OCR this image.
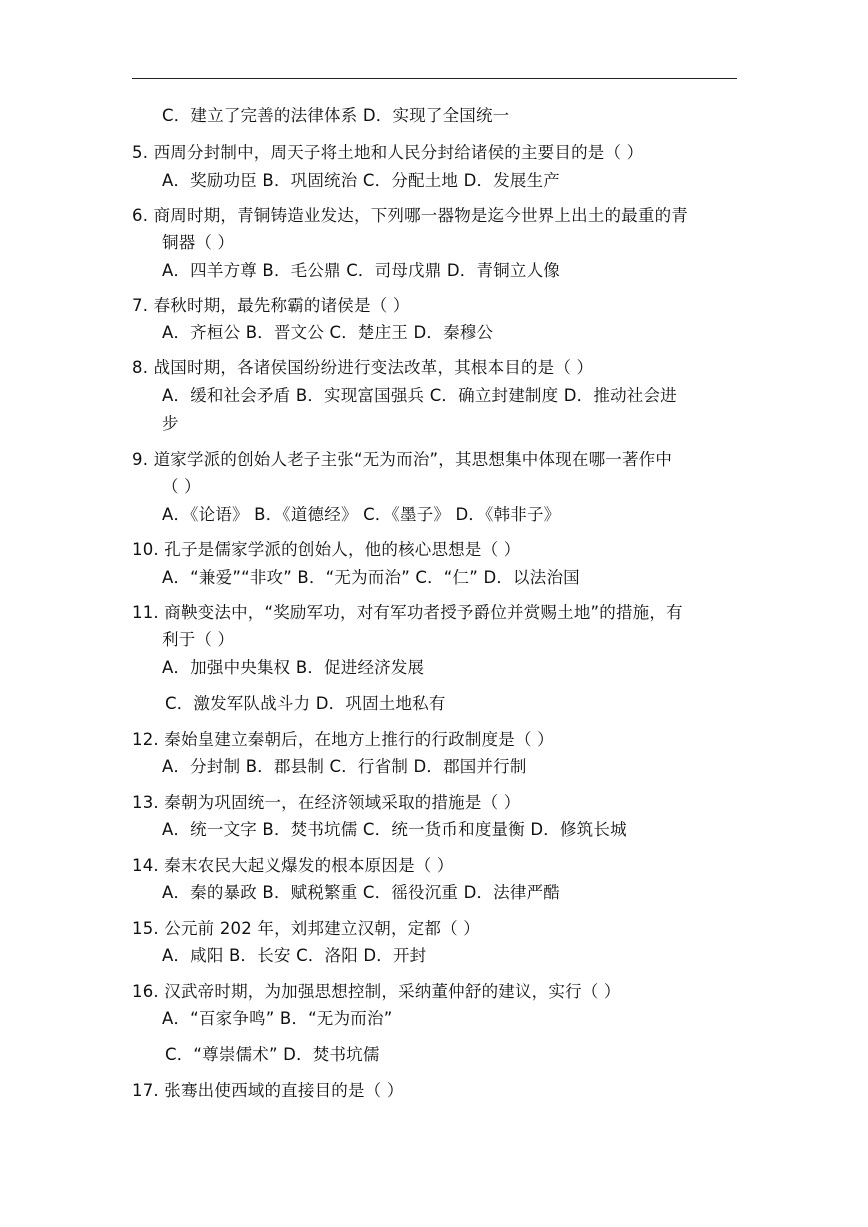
C．建立了完善的法律体系 D．实现了全国统一
5. 西周分封制中，周天子将土地和人民分封给诸侯的主要目的是（ ）
A．奖励功臣 B．巩固统治 C．分配土地 D．发展生产
6. 商周时期，青铜铸造业发达，下列哪一器物是迄今世界上出土的最重的青
铜器（ ）
A．四羊方尊 B．毛公鼎 C．司母戊鼎 D．青铜立人像
7. 春秋时期，最先称霸的诸侯是（ ）
A．齐桓公 B．晋文公 C．楚庄王 D．秦穆公
8. 战国时期，各诸侯国纷纷进行变法改革，其根本目的是（ ）
A．缓和社会矛盾 B．实现富国强兵 C．确立封建制度 D．推动社会进
步
9. 道家学派的创始人老子主张“无为而治”，其思想集中体现在哪一著作中
（ ）
A．《论语》 B．《道德经》 C．《墨子》 D．《韩非子》
10. 孔子是儒家学派的创始人，他的核心思想是（ ）
A．“兼爱”“非攻” B．“无为而治” C．“仁” D．以法治国
11. 商鞅变法中，“奖励军功，对有军功者授予爵位并赏赐土地”的措施，有
利于（ ）
A．加强中央集权 B．促进经济发展
C．激发军队战斗力 D．巩固土地私有
12. 秦始皇建立秦朝后，在地方上推行的行政制度是（ ）
A．分封制 B．郡县制 C．行省制 D．郡国并行制
13. 秦朝为巩固统一，在经济领域采取的措施是（ ）
A．统一文字 B．焚书坑儒 C．统一货币和度量衡 D．修筑长城
14. 秦末农民大起义爆发的根本原因是（ ）
A．秦的暴政 B．赋税繁重 C．徭役沉重 D．法律严酷
15. 公元前 202 年，刘邦建立汉朝，定都（ ）
A．咸阳 B．长安 C．洛阳 D．开封
16. 汉武帝时期，为加强思想控制，采纳董仲舒的建议，实行（ ）
A．“百家争鸣” B．“无为而治”
C．“尊崇儒术” D．焚书坑儒
17. 张骞出使西域的直接目的是（ ）
